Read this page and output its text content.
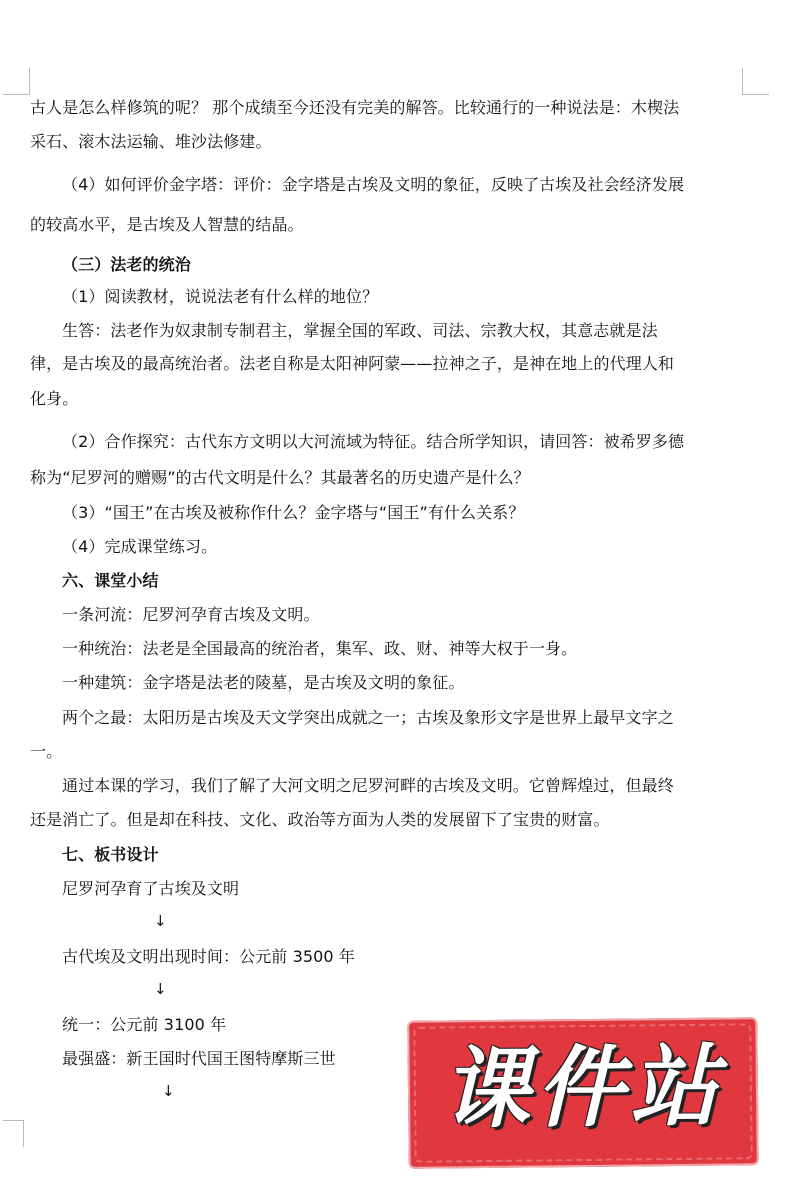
古人是怎么样修筑的呢？ 那个成绩至今还没有完美的解答。比较通行的一种说法是：木楔法
采石、滚木法运输、堆沙法修建。
（4）如何评价金字塔：评价：金字塔是古埃及文明的象征，反映了古埃及社会经济发展
的较高水平，是古埃及人智慧的结晶。
（三）法老的统治
（1）阅读教材，说说法老有什么样的地位？
生答：法老作为奴隶制专制君主，掌握全国的军政、司法、宗教大权，其意志就是法
律，是古埃及的最高统治者。法老自称是太阳神阿蒙——拉神之子，是神在地上的代理人和
化身。
（2）合作探究：古代东方文明以大河流域为特征。结合所学知识，请回答：被希罗多德
称为“尼罗河的赠赐”的古代文明是什么？其最著名的历史遗产是什么？
（3）“国王”在古埃及被称作什么？金字塔与“国王”有什么关系？
（4）完成课堂练习。
六、课堂小结
一条河流：尼罗河孕育古埃及文明。
一种统治：法老是全国最高的统治者，集军、政、财、神等大权于一身。
一种建筑：金字塔是法老的陵墓，是古埃及文明的象征。
两个之最：太阳历是古埃及天文学突出成就之一；古埃及象形文字是世界上最早文字之
一。
通过本课的学习，我们了解了大河文明之尼罗河畔的古埃及文明。它曾辉煌过，但最终
还是消亡了。但是却在科技、文化、政治等方面为人类的发展留下了宝贵的财富。
七、板书设计
尼罗河孕育了古埃及文明
↓
古代埃及文明出现时间：公元前 3500 年
↓
统一：公元前 3100 年
最强盛：新王国时代国王图特摩斯三世
↓	课件站
